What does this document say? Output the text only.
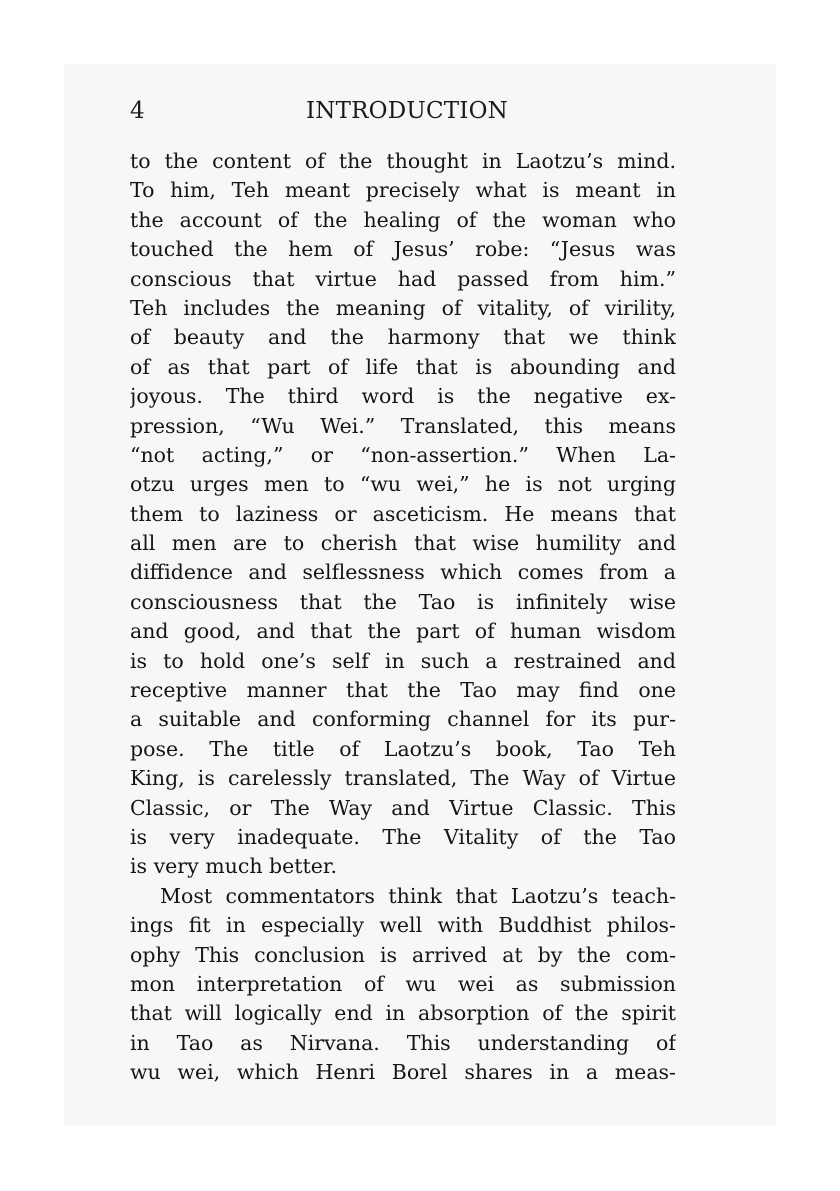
4	INTRODUCTION
to the content of the thought in Laotzu’s mind.
To him, Teh meant precisely what is meant in
the account of the healing of the woman who
touched the hem of Jesus’ robe: “Jesus was
conscious that virtue had passed from him.”
Teh includes the meaning of vitality, of virility,
of beauty and the harmony that we think
of as that part of life that is abounding and
joyous. The third word is the negative ex-
pression, “Wu Wei.” Translated, this means
“not acting,” or “non-assertion.” When La-
otzu urges men to “wu wei,” he is not urging
them to laziness or asceticism. He means that
all men are to cherish that wise humility and
diffidence and selflessness which comes from a
consciousness that the Tao is infinitely wise
and good, and that the part of human wisdom
is to hold one’s self in such a restrained and
receptive manner that the Tao may find one
a suitable and conforming channel for its pur-
pose. The title of Laotzu’s book, Tao Teh
King, is carelessly translated, The Way of Virtue
Classic, or The Way and Virtue Classic. This
is very inadequate. The Vitality of the Tao
is very much better.
Most commentators think that Laotzu’s teach-
ings fit in especially well with Buddhist philos-
ophy This conclusion is arrived at by the com-
mon interpretation of wu wei as submission
that will logically end in absorption of the spirit
in Tao as Nirvana. This understanding of
wu wei, which Henri Borel shares in a meas-
